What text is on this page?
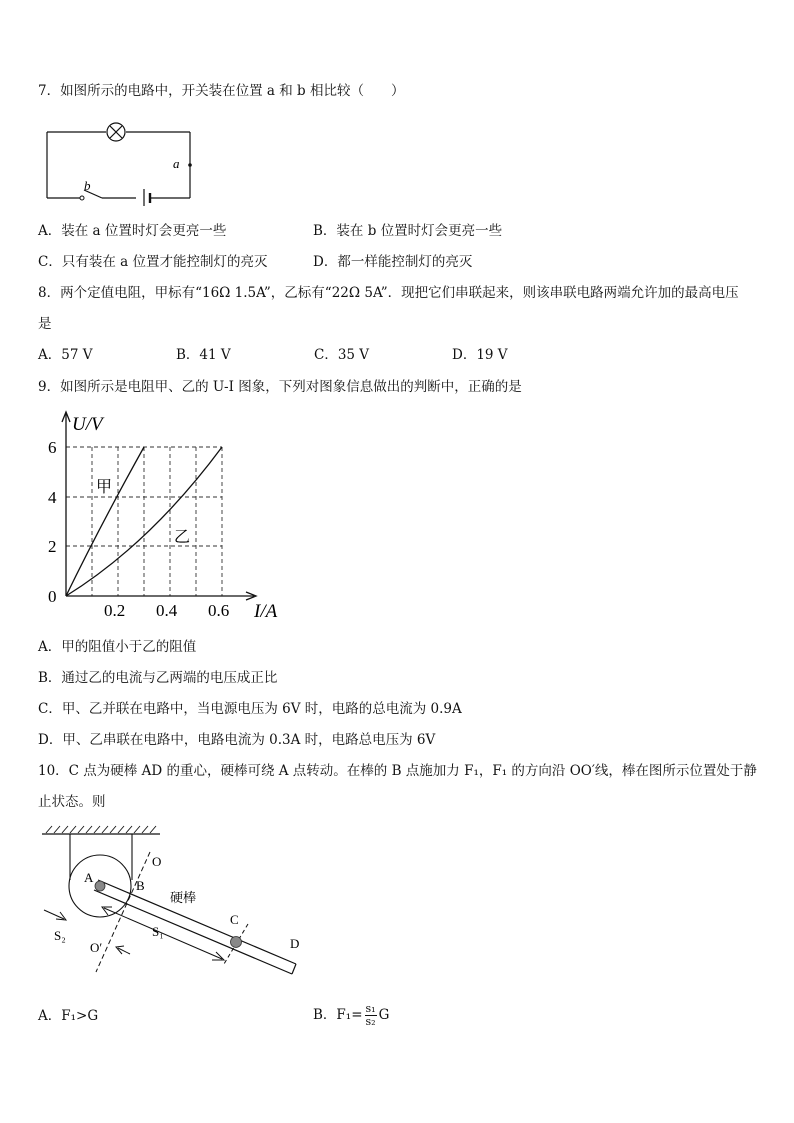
7．如图所示的电路中，开关装在位置 a 和 b 相比较（　　）
a
b
A．装在 a 位置时灯会更亮一些	B．装在 b 位置时灯会更亮一些
C．只有装在 a 位置才能控制灯的亮灭	D．都一样能控制灯的亮灭
8．两个定值电阻，甲标有“16Ω 1.5A”，乙标有“22Ω 5A”．现把它们串联起来，则该串联电路两端允许加的最高电压
是
A．57 V	B．41 V	C．35 V	D．19 V
9．如图所示是电阻甲、乙的 U-I 图象，下列对图象信息做出的判断中，正确的是
U/V
I/A
0
2
4
6
0.2 0.4 0.6
甲
乙
A．甲的阻值小于乙的阻值
B．通过乙的电流与乙两端的电压成正比
C．甲、乙并联在电路中，当电源电压为 6V 时，电路的总电流为 0.9A
D．甲、乙串联在电路中，电路电流为 0.3A 时，电路总电压为 6V
10．C 点为硬棒 AD 的重心，硬棒可绕 A 点转动。在棒的 B 点施加力 F₁，F₁ 的方向沿 OO′线，棒在图所示位置处于静
止状态。则
O
A
B
硬棒
C
D
S₁
S₂
O′
A．F₁>G	B．$F_1= \frac{\text{s₁}}{\text{s₂}}$ G
